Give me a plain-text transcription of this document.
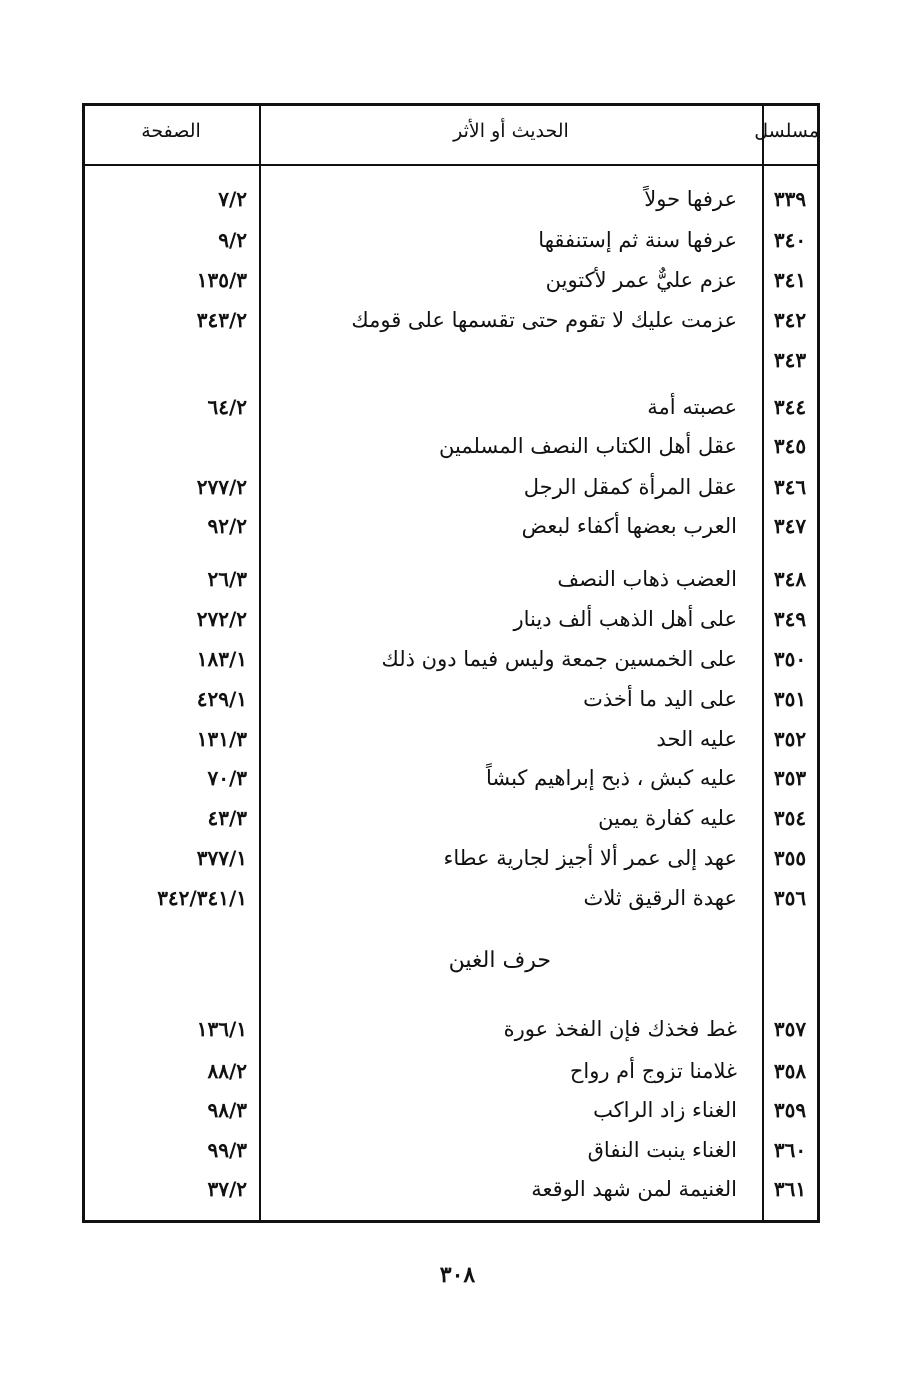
مسلسل
الحديث أو الأثر
الصفحة
٣٣٩
عرفها حولاً
٧/٢
٣٤٠
عرفها سنة ثم إستنفقها
٩/٢
٣٤١
عزم عليٌّ عمر لأكتوين
١٣٥/٣
٣٤٢
عزمت عليك لا تقوم حتى تقسمها على قومك
٣٤٣/٢
٣٤٣
٣٤٤
عصبته أمة
٦٤/٢
٣٤٥
عقل أهل الكتاب النصف المسلمين
٣٤٦
عقل المرأة كمقل الرجل
٢٧٧/٢
٣٤٧
العرب بعضها أكفاء لبعض
٩٢/٢
٣٤٨
العضب ذهاب النصف
٢٦/٣
٣٤٩
على أهل الذهب ألف دينار
٢٧٢/٢
٣٥٠
على الخمسين جمعة وليس فيما دون ذلك
١٨٣/١
٣٥١
على اليد ما أخذت
٤٢٩/١
٣٥٢
عليه الحد
١٣١/٣
٣٥٣
عليه كبش ، ذبح إبراهيم كبشاً
٧٠/٣
٣٥٤
عليه كفارة يمين
٤٣/٣
٣٥٥
عهد إلى عمر ألا أجيز لجارية عطاء
٣٧٧/١
٣٥٦
عهدة الرقيق ثلاث
٣٤٢/٣٤١/١
حرف الغين
٣٥٧
غط فخذك فإن الفخذ عورة
١٣٦/١
٣٥٨
غلامنا تزوج أم رواح
٨٨/٢
٣٥٩
الغناء زاد الراكب
٩٨/٣
٣٦٠
الغناء ينبت النفاق
٩٩/٣
٣٦١
الغنيمة لمن شهد الوقعة
٣٧/٢
٣٠٨
